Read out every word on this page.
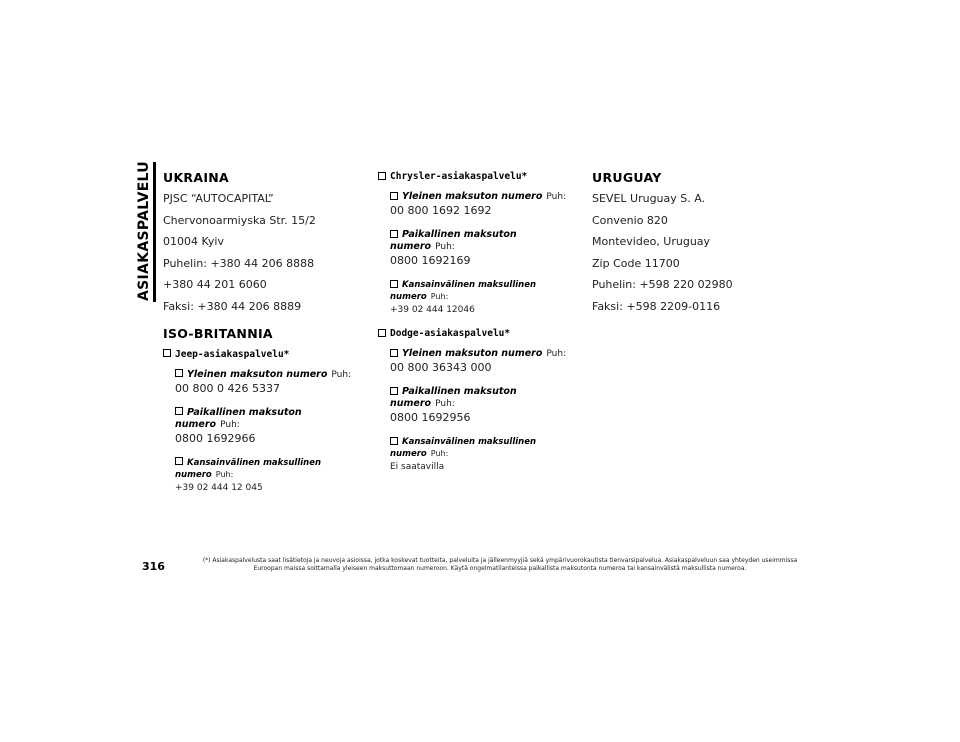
ASIAKASPALVELU UKRAINA
PJSC “AUTOCAPITAL”
Chervonoarmiyska Str. 15/2
01004 Kyiv
Puhelin: +380 44 206 8888
+380 44 201 6060
Faksi: +380 44 206 8889
ISO-BRITANNIA
Jeep-asiakaspalvelu*
Yleinen maksuton numero Puh:
00 800 0 426 5337
Paikallinen maksuton numero Puh:
0800 1692966
Kansainvälinen maksullinen numero Puh:
+39 02 444 12 045
Chrysler-asiakaspalvelu*
Yleinen maksuton numero Puh:
00 800 1692 1692
Paikallinen maksuton numero Puh:
0800 1692169
Kansainvälinen maksullinen numero Puh:
+39 02 444 12046
Dodge-asiakaspalvelu*
Yleinen maksuton numero Puh:
00 800 36343 000
Paikallinen maksuton numero Puh:
0800 1692956
Kansainvälinen maksullinen numero Puh:
Ei saatavilla
URUGUAY
SEVEL Uruguay S. A.
Convenio 820
Montevideo, Uruguay
Zip Code 11700
Puhelin: +598 220 02980
Faksi: +598 2209-0116
316	(*) Asiakaspalvelusta saat lisätietoja ja neuvoja asioissa, jotka koskevat tuotteita, palveluita ja jälleenmyyjiä sekä ympärivuorokautista tienvarsipalvelua. Asiakaspalveluun saa yhteyden useimmissa
Euroopan maissa soittamalla yleiseen maksuttomaan numeroon. Käytä ongelmatilanteissa paikallista maksutonta numeroa tai kansainvälistä maksullista numeroa.
